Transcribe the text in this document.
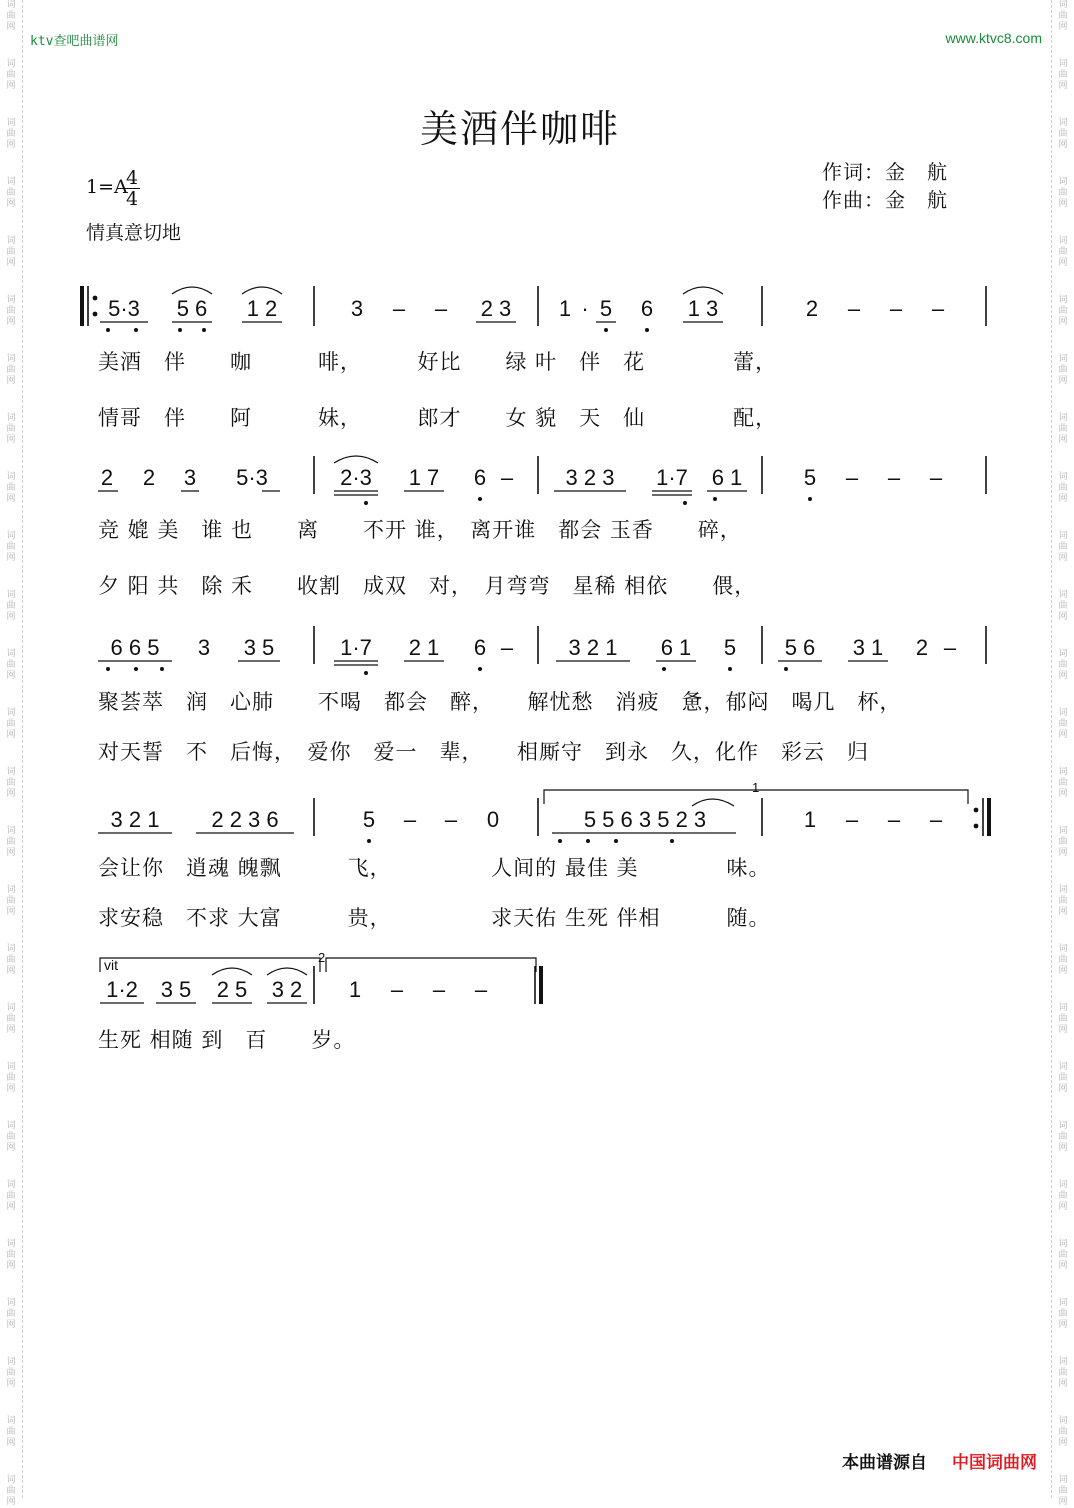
词曲网
词曲网
词曲网
词曲网
词曲网
词曲网
词曲网
词曲网
词曲网
词曲网
词曲网
词曲网
词曲网
词曲网
词曲网
词曲网
词曲网
词曲网
词曲网
词曲网
词曲网
词曲网
词曲网
词曲网
词曲网
词曲网
词曲网
词曲网
词曲网
词曲网
词曲网
词曲网
词曲网
词曲网
词曲网
词曲网
词曲网
词曲网
词曲网
词曲网
词曲网
词曲网
词曲网
词曲网
词曲网
词曲网
词曲网
词曲网
词曲网
词曲网
词曲网
词曲网
ktv查吧曲谱网	www.ktvc8.com
美酒伴咖啡
作词：金　航
作曲：金　航
1=A
4
4
情真意切地
1
2
vit
5·3 5 6 1 2	3 – – 2 3 1 · 5 6 1 3	2 – – –
2 2 3 5·3	2·3 1 7 6 – 3 2 3 1·7 6 1	5 – – –
6 6 5 3 3 5	1·7 2 1 6 –	3 2 1 6 1 5 5 6 3 1 2 –
3 2 1 2 2 3 6	5 – – 0	5 5 6 3 5 2 3	1 – – –
1·2 3 5 2 5 3 2 1 – – –
美酒　伴　　咖　　　啡，　　　好比　　绿 叶　伴　花　　　　蕾，
情哥　伴　　阿　　　妹，　　　郎才　　女 貌　天　仙　　　　配，
竞 媲 美　谁 也　　离　　不开 谁，　离开谁　都会 玉香　　碎，
夕 阳 共　除 禾　　收割　成双　对，　月弯弯　星稀 相依　　偎，
聚荟萃　润　心肺　　不喝　都会　醉，　　解忧愁　消疲　惫，郁闷　喝几　杯，
对天誓　不　后悔，　爱你　爱一　辈，　　相厮守　到永　久，化作　彩云　归
会让你　逍魂 魄飘　　　飞，　　　　　人间的 最佳 美　　　　味。
求安稳　不求 大富　　　贵，　　　　　求天佑 生死 伴相　　　随。
生死 相随 到　百　　岁。
本曲谱源自 中国词曲网
